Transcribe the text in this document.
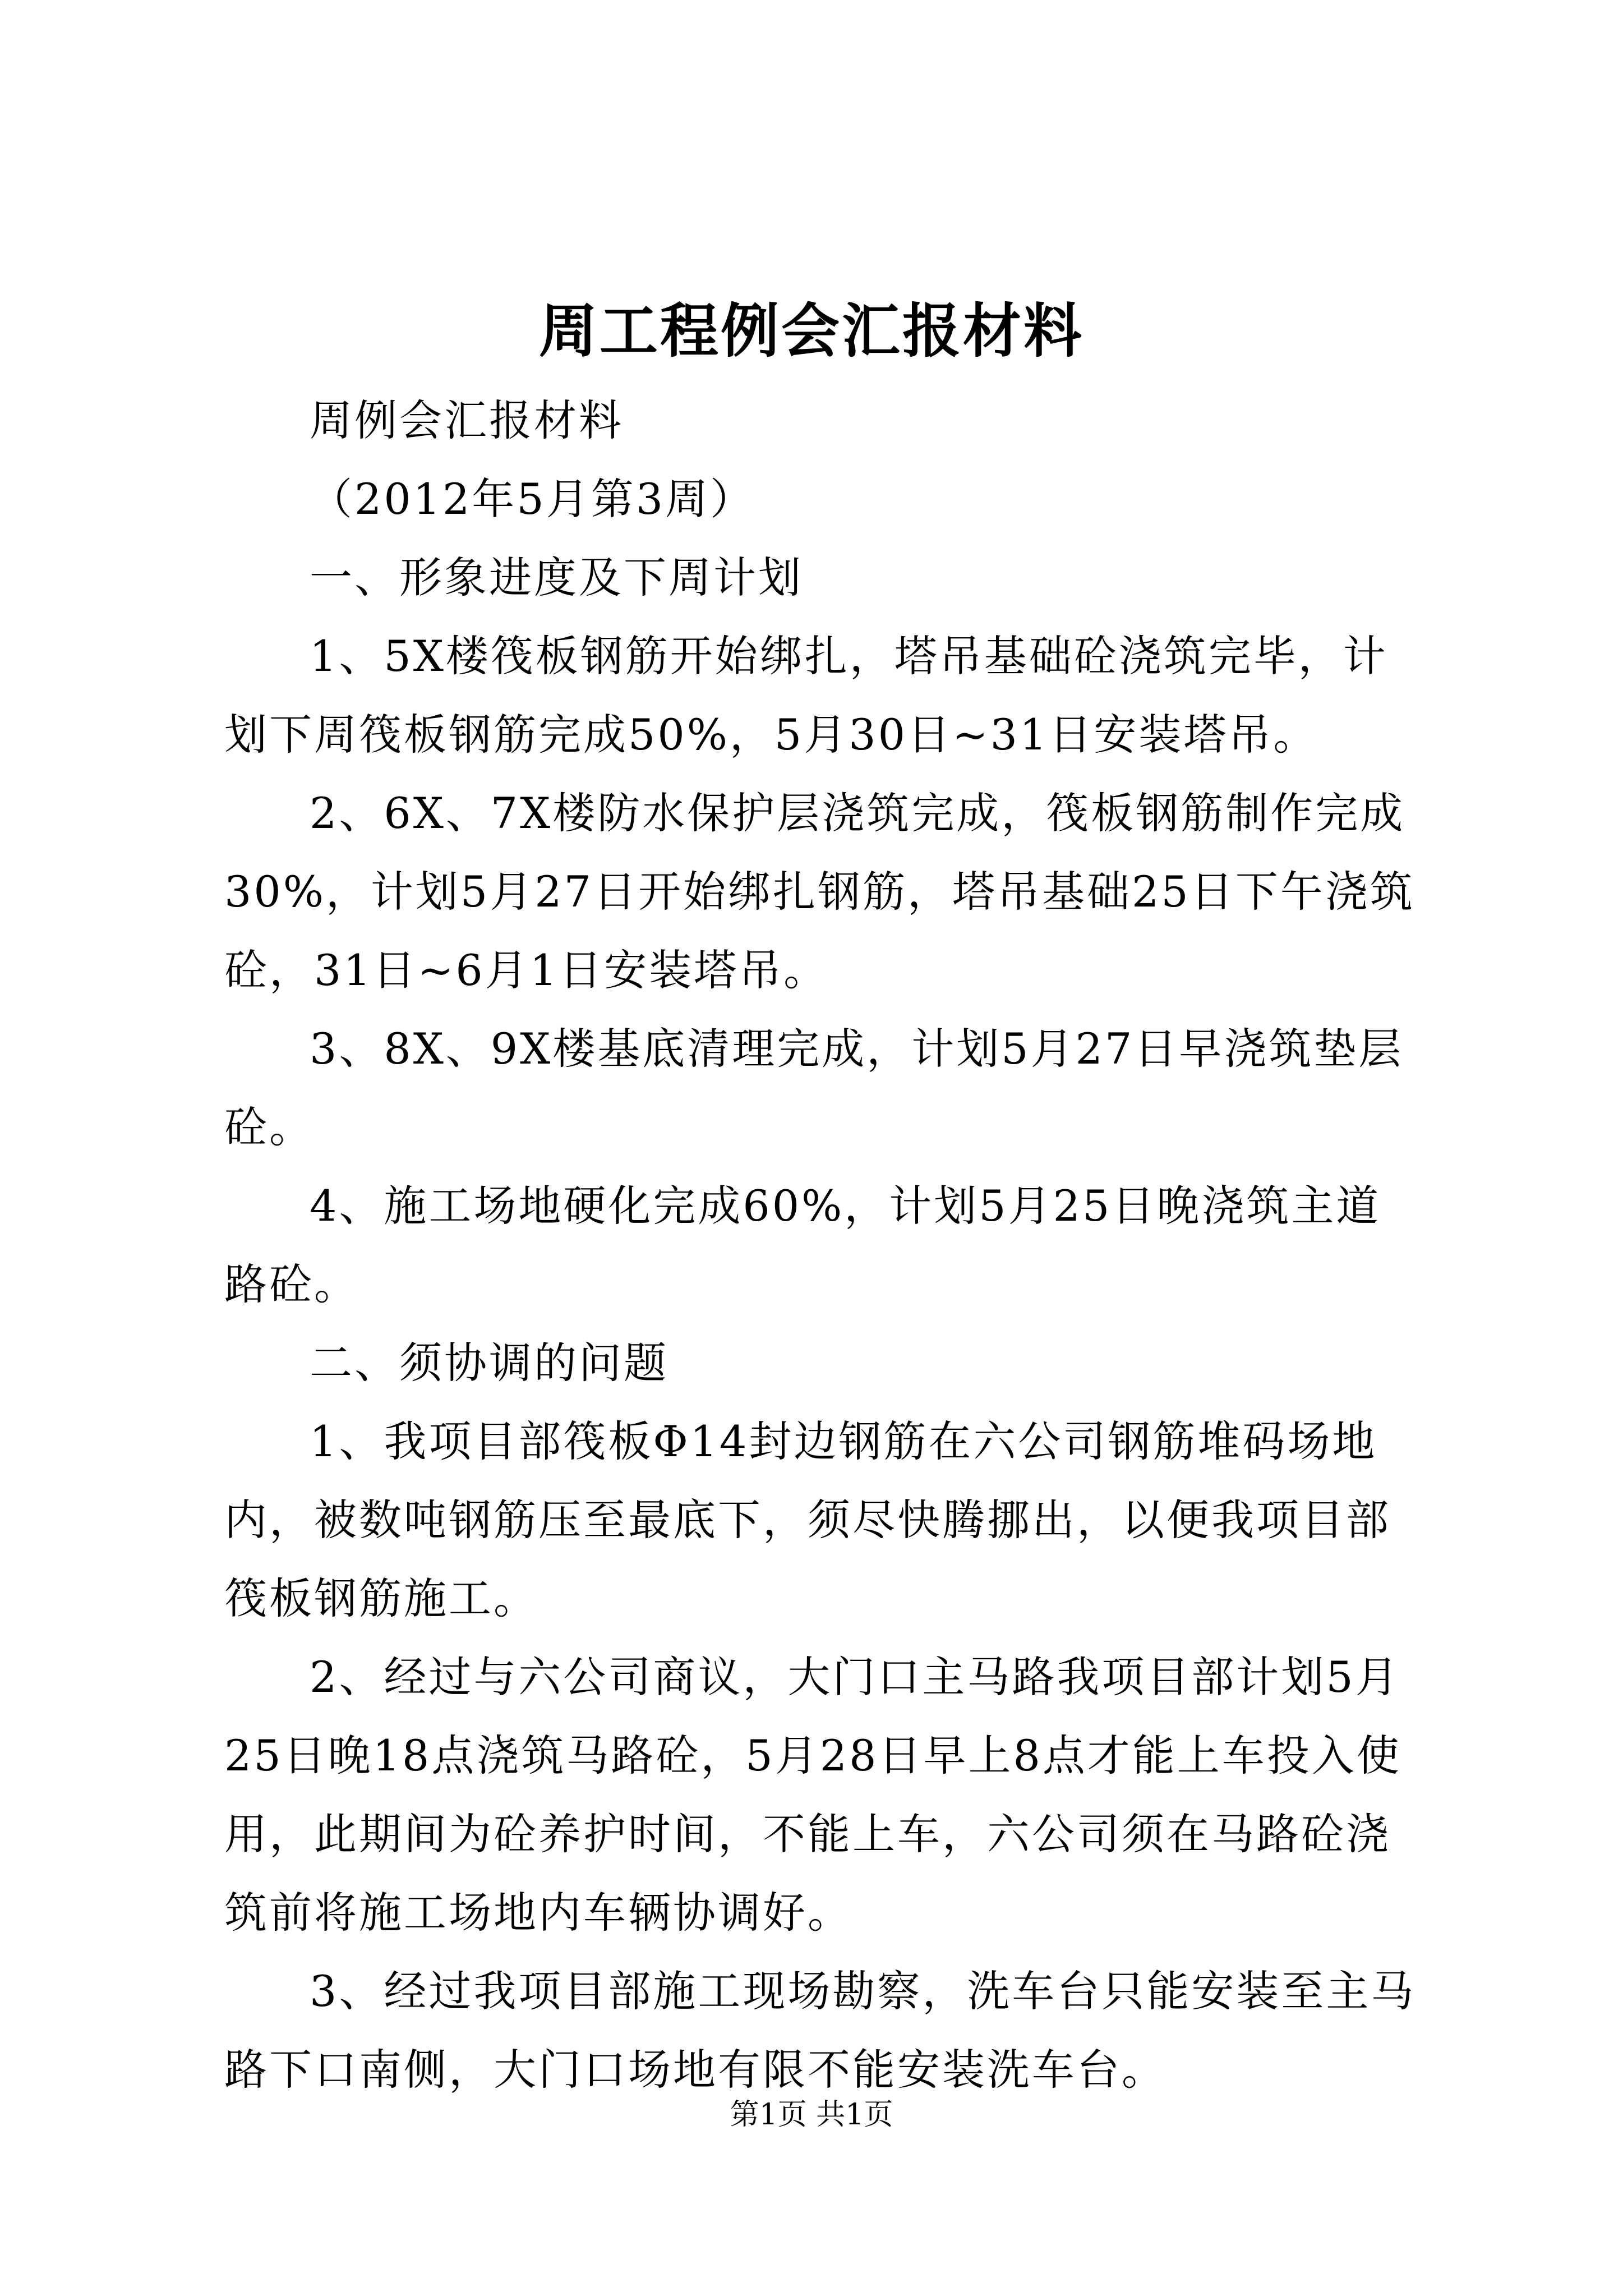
周工程例会汇报材料

周例会汇报材料

（2012年5月第3周）

一、形象进度及下周计划

1、5X楼筏板钢筋开始绑扎，塔吊基础砼浇筑完毕，计划下周筏板钢筋完成50%，5月30日~31日安装塔吊。

2、6X、7X楼防水保护层浇筑完成，筏板钢筋制作完成30%，计划5月27日开始绑扎钢筋，塔吊基础25日下午浇筑砼，31日~6月1日安装塔吊。

3、8X、9X楼基底清理完成，计划5月27日早浇筑垫层砼。

4、施工场地硬化完成60%，计划5月25日晚浇筑主道路砼。

二、须协调的问题

1、我项目部筏板Φ14封边钢筋在六公司钢筋堆码场地内，被数吨钢筋压至最底下，须尽快腾挪出，以便我项目部筏板钢筋施工。

2、经过与六公司商议，大门口主马路我项目部计划5月25日晚18点浇筑马路砼，5月28日早上8点才能上车投入使用，此期间为砼养护时间，不能上车，六公司须在马路砼浇筑前将施工场地内车辆协调好。

3、经过我项目部施工现场勘察，洗车台只能安装至主马路下口南侧，大门口场地有限不能安装洗车台。

第1页 共1页
